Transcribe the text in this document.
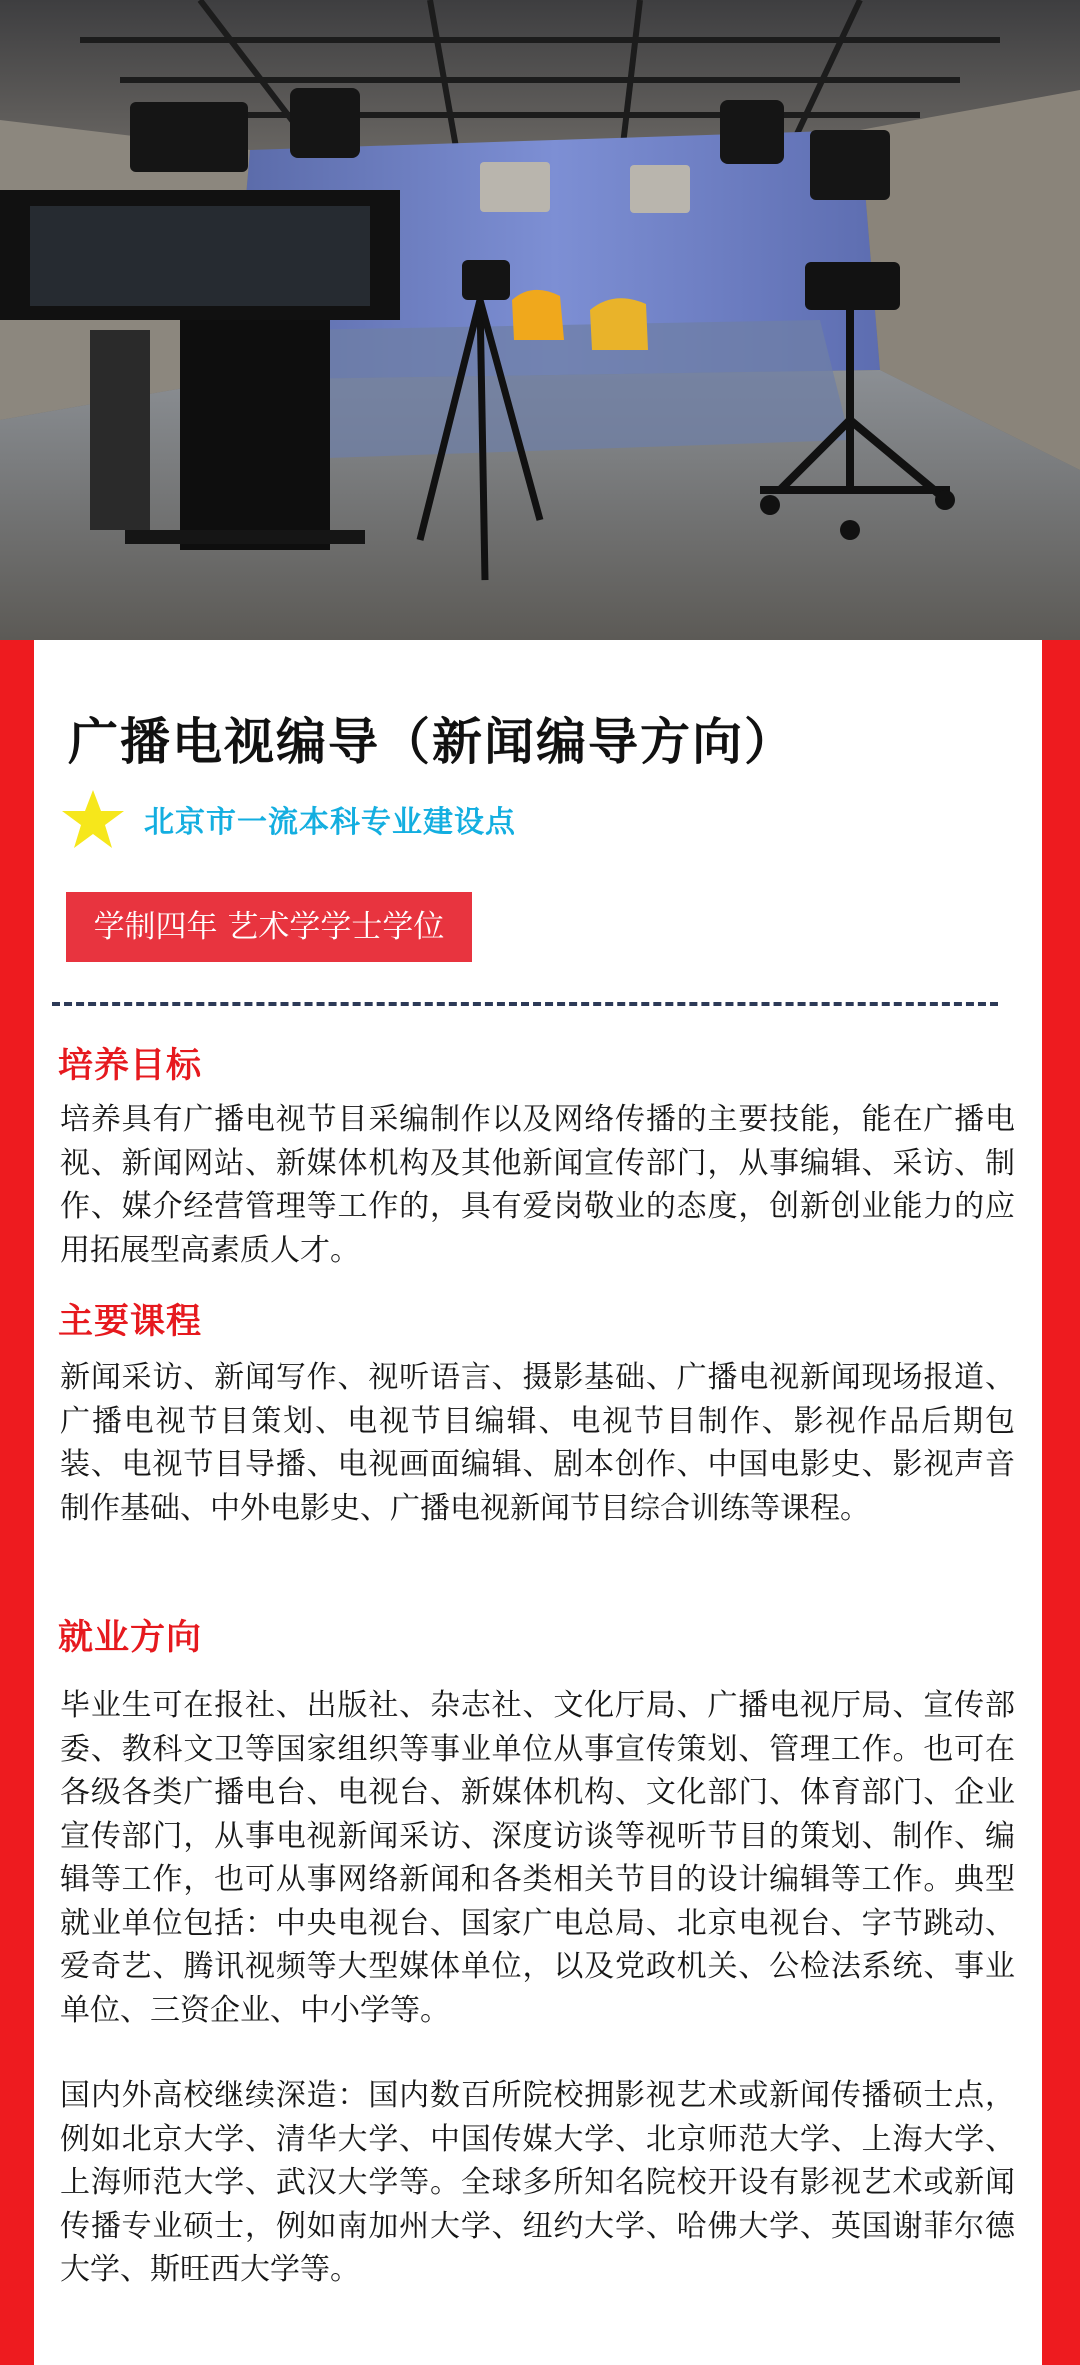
广播电视编导（新闻编导方向）
北京市一流本科专业建设点
学制四年 艺术学学士学位
培养目标

培养具有广播电视节目采编制作以及网络传播的主要技能，能在广播电视、新闻网站、新媒体机构及其他新闻宣传部门，从事编辑、采访、制作、媒介经营管理等工作的，具有爱岗敬业的态度，创新创业能力的应用拓展型高素质人才。

主要课程

新闻采访、新闻写作、视听语言、摄影基础、广播电视新闻现场报道、广播电视节目策划、电视节目编辑、电视节目制作、影视作品后期包装、电视节目导播、电视画面编辑、剧本创作、中国电影史、影视声音制作基础、中外电影史、广播电视新闻节目综合训练等课程。

就业方向

毕业生可在报社、出版社、杂志社、文化厅局、广播电视厅局、宣传部委、教科文卫等国家组织等事业单位从事宣传策划、管理工作。也可在各级各类广播电台、电视台、新媒体机构、文化部门、体育部门、企业宣传部门，从事电视新闻采访、深度访谈等视听节目的策划、制作、编辑等工作，也可从事网络新闻和各类相关节目的设计编辑等工作。典型就业单位包括：中央电视台、国家广电总局、北京电视台、字节跳动、爱奇艺、腾讯视频等大型媒体单位，以及党政机关、公检法系统、事业单位、三资企业、中小学等。

国内外高校继续深造：国内数百所院校拥影视艺术或新闻传播硕士点，例如北京大学、清华大学、中国传媒大学、北京师范大学、上海大学、上海师范大学、武汉大学等。全球多所知名院校开设有影视艺术或新闻传播专业硕士，例如南加州大学、纽约大学、哈佛大学、英国谢菲尔德大学、斯旺西大学等。
